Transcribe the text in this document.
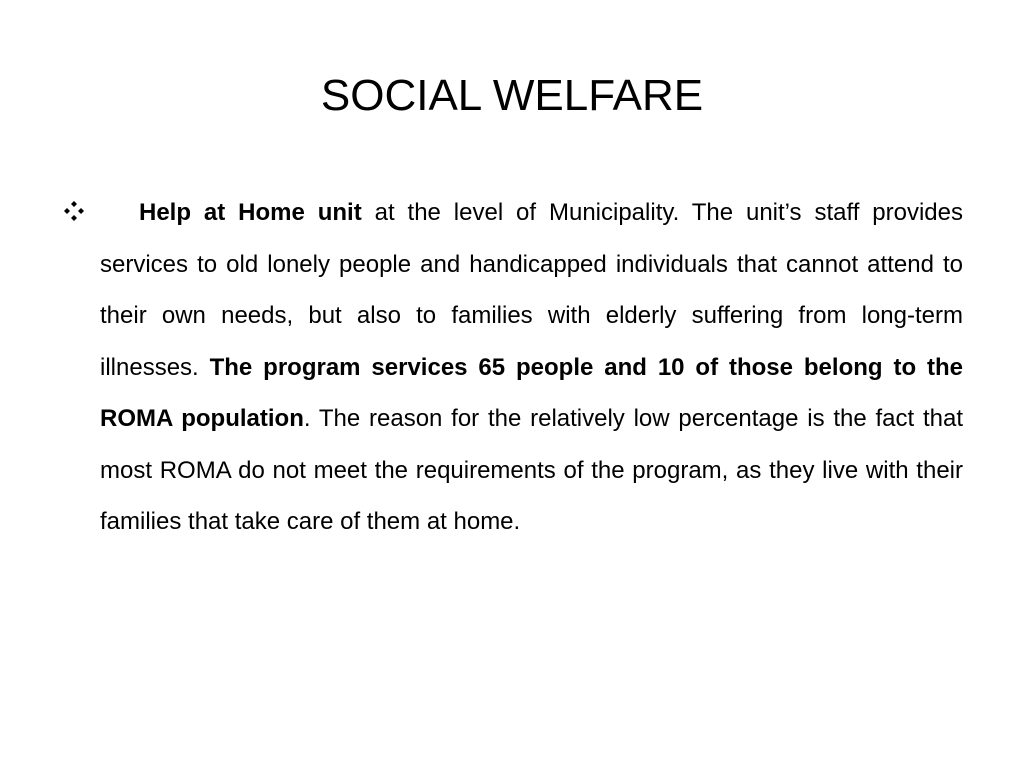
SOCIAL WELFARE

Help at Home unit at the level of Municipality. The unit’s staff provides services to old lonely people and handicapped individuals that cannot attend to their own needs, but also to families with elderly suffering from long-term illnesses. The program services 65 people and 10 of those belong to the ROMA population. The reason for the relatively low percentage is the fact that most ROMA do not meet the requirements of the program, as they live with their families that take care of them at home.
